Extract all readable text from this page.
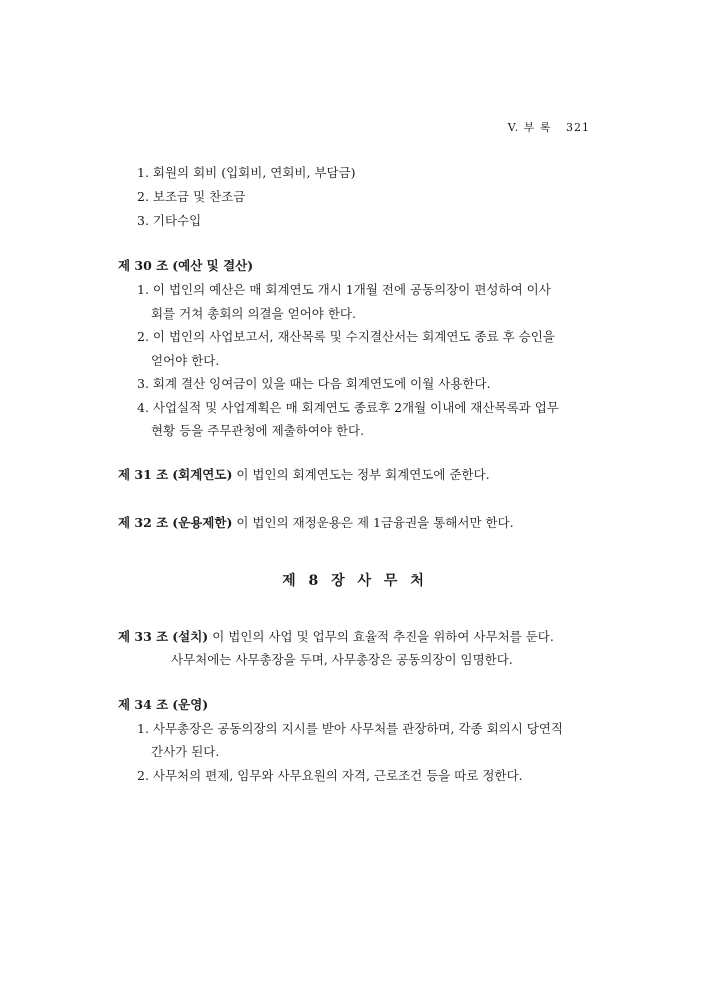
V. 부 록 321
1. 회원의 회비 (입회비, 연회비, 부담금)
2. 보조금 및 찬조금
3. 기타수입
제 30 조 (예산 및 결산)
1. 이 법인의 예산은 매 회계연도 개시 1개월 전에 공동의장이 편성하여 이사
회를 거쳐 총회의 의결을 얻어야 한다.
2. 이 법인의 사업보고서, 재산목록 및 수지결산서는 회계연도 종료 후 승인을
얻어야 한다.
3. 회계 결산 잉여금이 있을 때는 다음 회계연도에 이월 사용한다.
4. 사업실적 및 사업계획은 매 회계연도 종료후 2개월 이내에 재산목록과 업무
현황 등을 주무관청에 제출하여야 한다.
제 31 조 (회계연도) 이 법인의 회계연도는 정부 회계연도에 준한다.
제 32 조 (운용제한) 이 법인의 재정운용은 제 1금융권을 통해서만 한다.
제 8 장 사 무 처
제 33 조 (설치) 이 법인의 사업 및 업무의 효율적 추진을 위하여 사무처를 둔다.
사무처에는 사무총장을 두며, 사무총장은 공동의장이 임명한다.
제 34 조 (운영)
1. 사무총장은 공동의장의 지시를 받아 사무처를 관장하며, 각종 회의시 당연직
간사가 된다.
2. 사무처의 편제, 임무와 사무요원의 자격, 근로조건 등을 따로 정한다.
